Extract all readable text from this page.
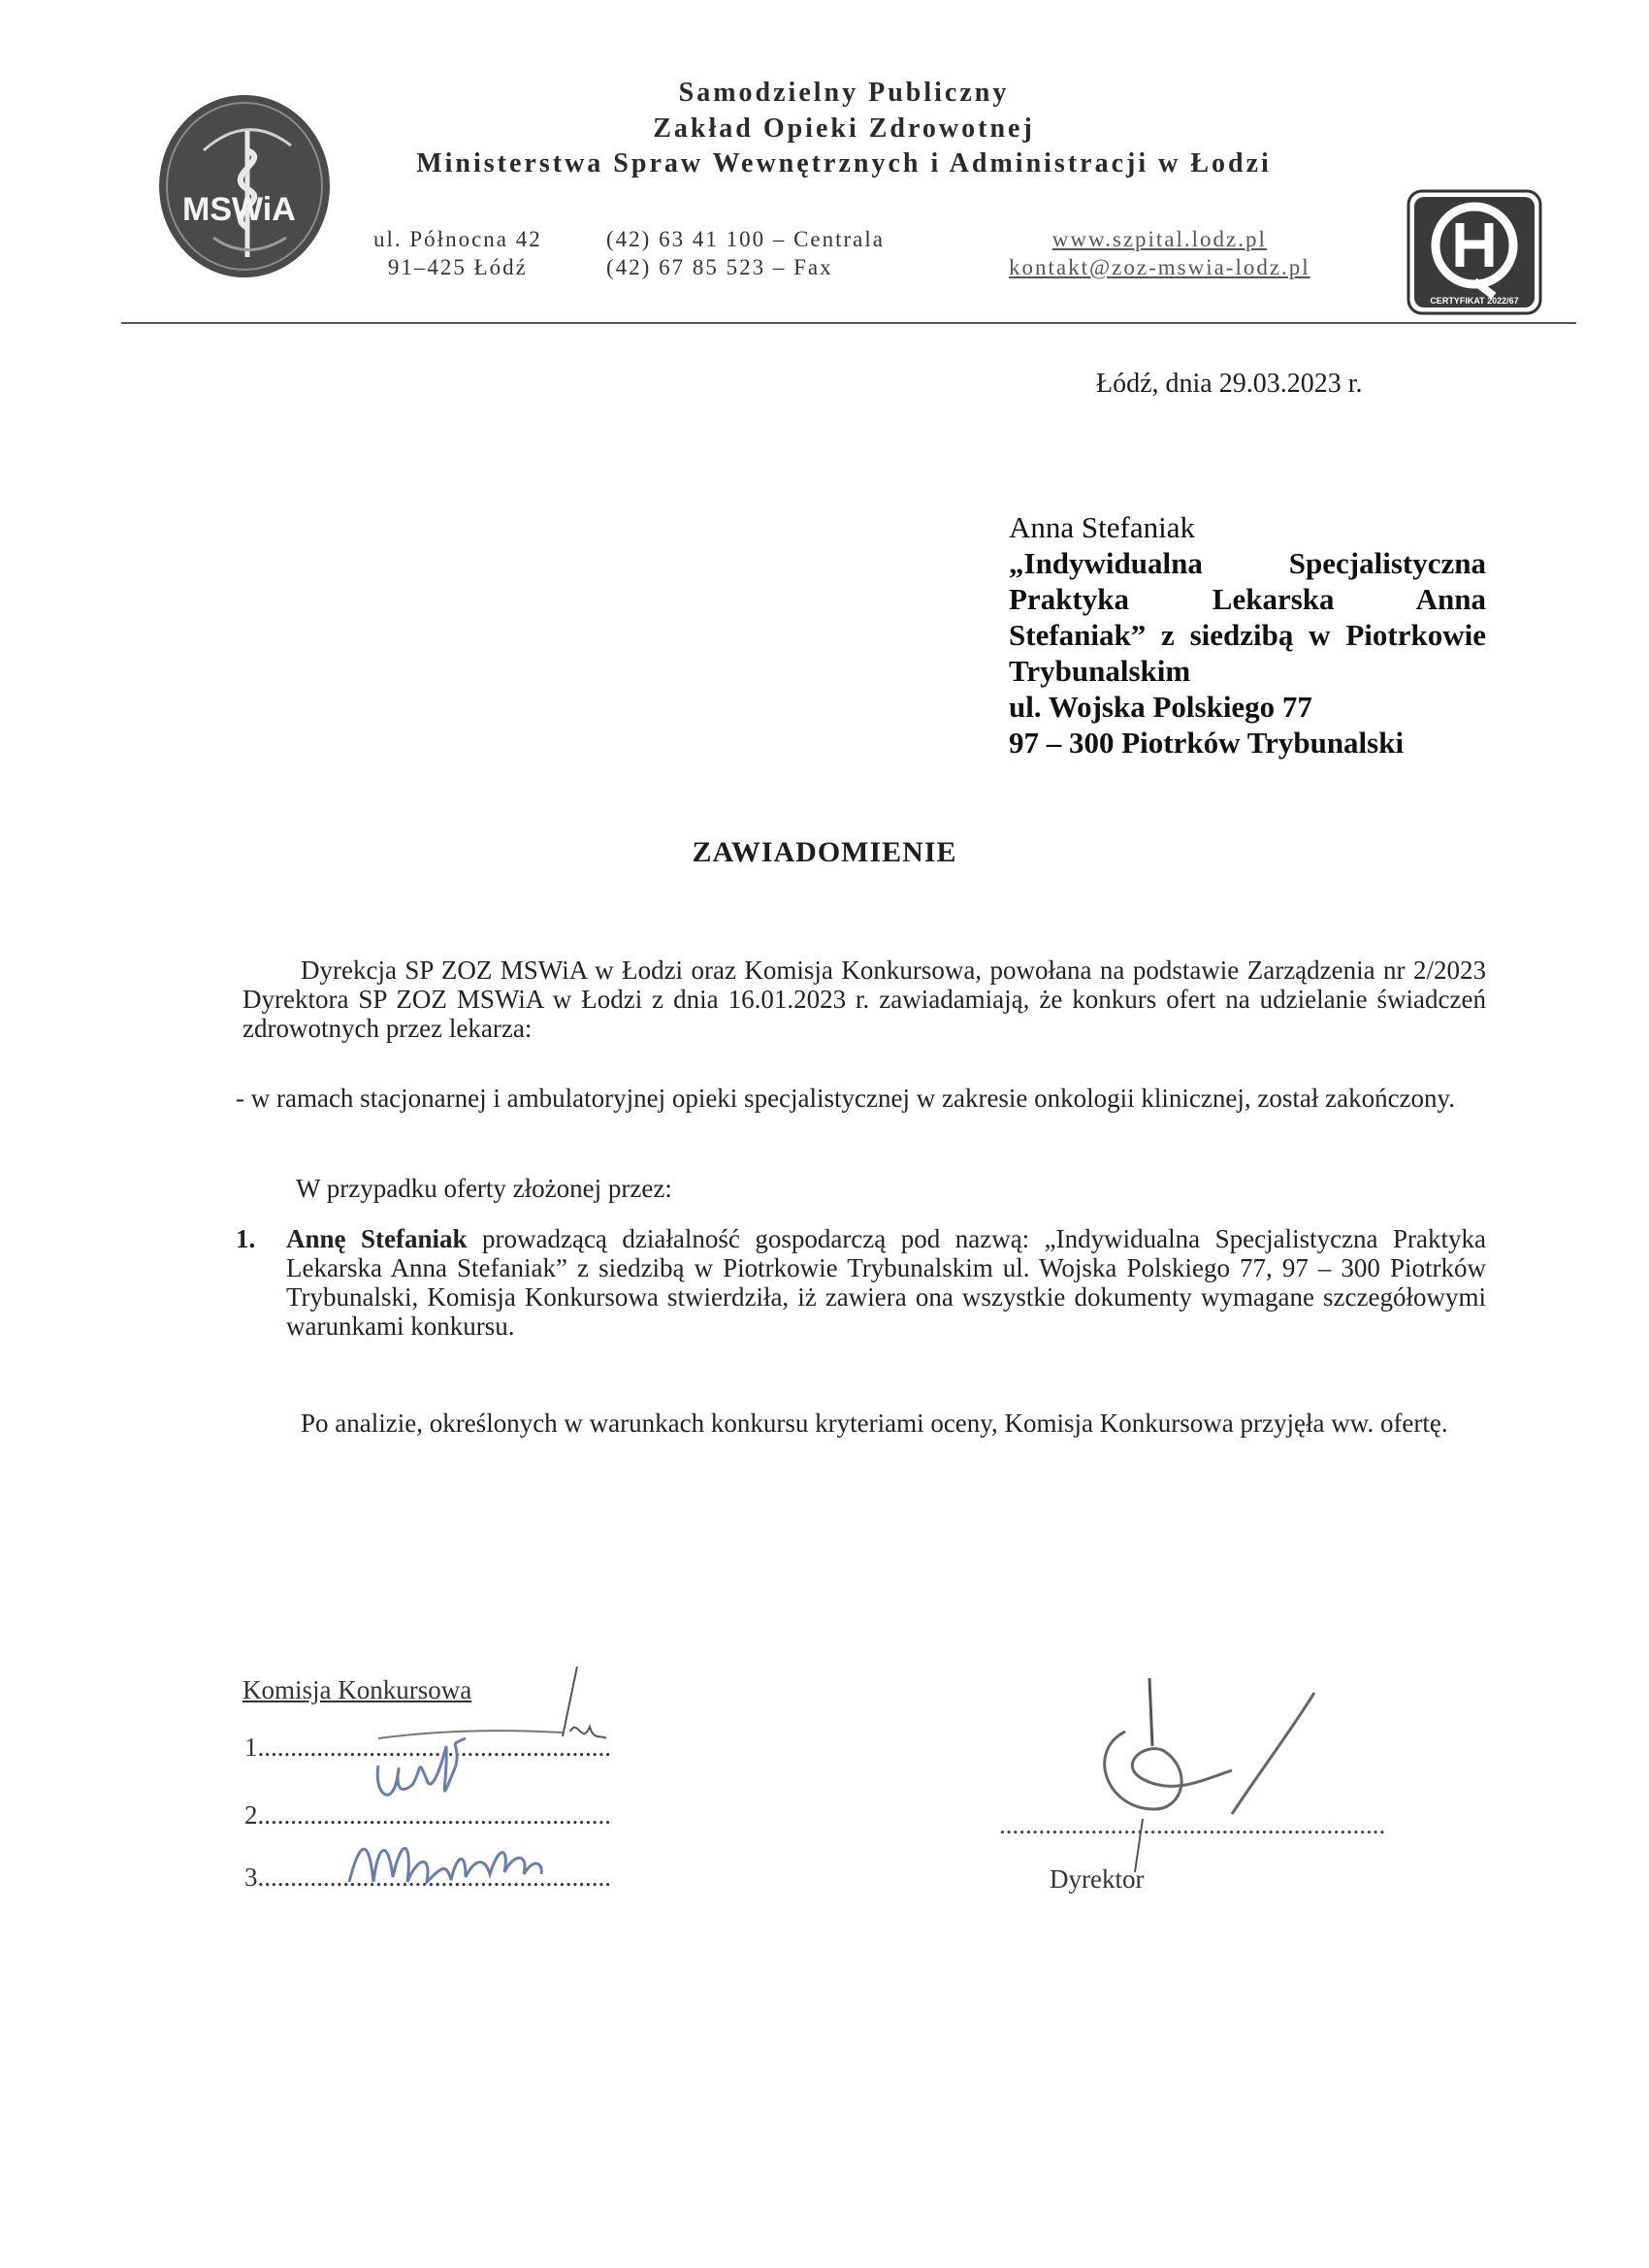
MSWiA
Samodzielny Publiczny
Zakład Opieki Zdrowotnej
Ministerstwa Spraw Wewnętrznych i Administracji w Łodzi
ul. Północna 42
91–425 Łódź
(42) 63 41 100 – Centrala
(42) 67 85 523 – Fax
www.szpital.lodz.pl
kontakt@zoz-mswia-lodz.pl
CERTYFIKAT 2022/67
Łódź, dnia 29.03.2023 r.
Anna Stefaniak
„Indywidualna Specjalistyczna
Praktyka Lekarska Anna
Stefaniak” z siedzibą w Piotrkowie
Trybunalskim
ul. Wojska Polskiego 77
97 – 300 Piotrków Trybunalski
ZAWIADOMIENIE
Dyrekcja SP ZOZ MSWiA w Łodzi oraz Komisja Konkursowa, powołana na podstawie Zarządzenia nr 2/2023 Dyrektora SP ZOZ MSWiA w Łodzi z dnia 16.01.2023 r. zawiadamiają, że konkurs ofert na udzielanie świadczeń zdrowotnych przez lekarza:
- w ramach stacjonarnej i ambulatoryjnej opieki specjalistycznej w zakresie onkologii klinicznej, został zakończony.
W przypadku oferty złożonej przez:
1.	Annę Stefaniak prowadzącą działalność gospodarczą pod nazwą: „Indywidualna Specjalistyczna Praktyka Lekarska Anna Stefaniak” z siedzibą w Piotrkowie Trybunalskim ul. Wojska Polskiego 77, 97 – 300 Piotrków Trybunalski, Komisja Konkursowa stwierdziła, iż zawiera ona wszystkie dokumenty wymagane szczegółowymi warunkami konkursu.
Po analizie, określonych w warunkach konkursu kryteriami oceny, Komisja Konkursowa przyjęła ww. ofertę.
Komisja Konkursowa
1......................................................
2......................................................
3......................................................
...........................................................
Dyrektor
